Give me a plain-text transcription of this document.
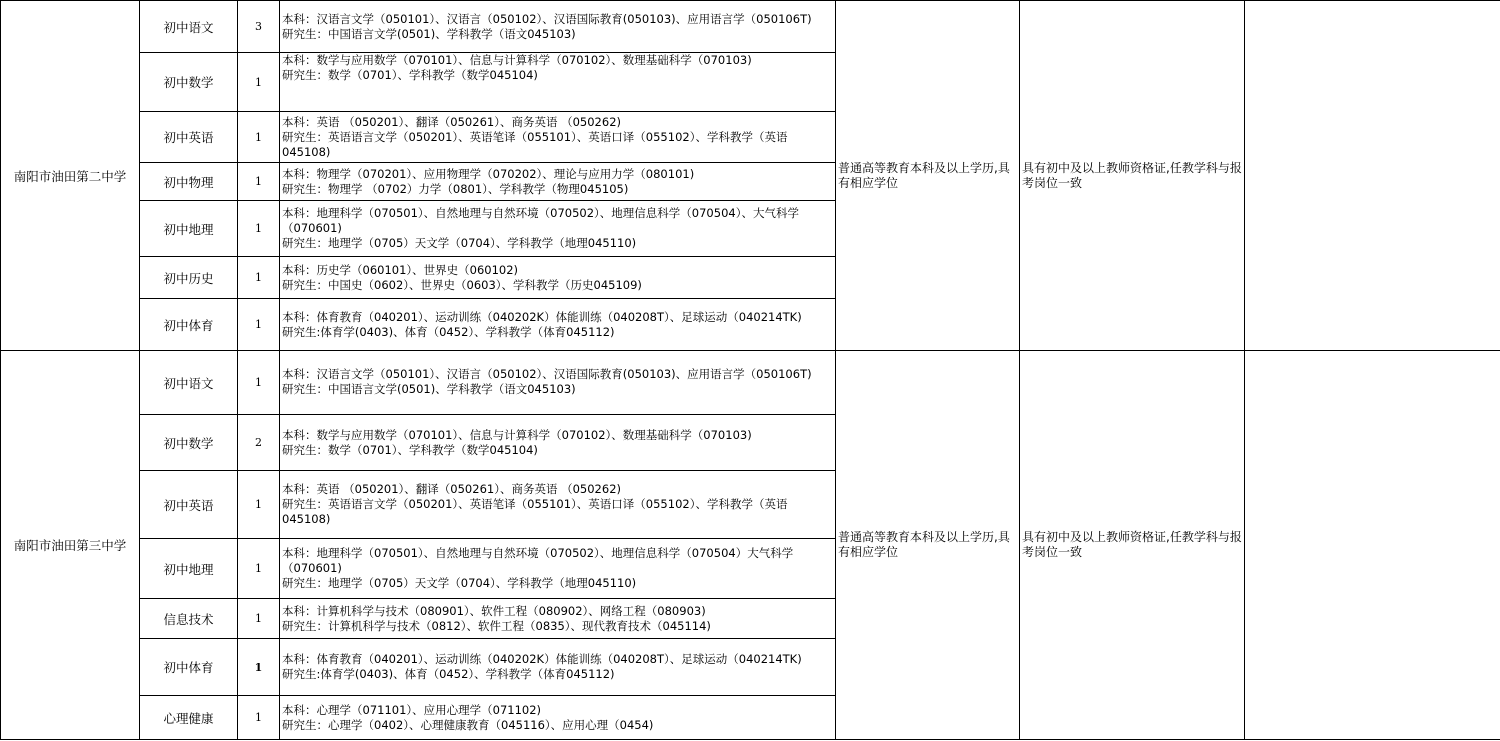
南阳市油田第二中学	初中语文	3	本科：汉语言文学（050101）、汉语言（050102）、汉语国际教育(050103)、应用语言学（050106T)
研究生：中国语言文学(0501)、学科教学（语文045103)	普通高等教育本科及以上学历,具有相应学位	具有初中及以上教师资格证,任教学科与报考岗位一致	
	初中数学	1	本科：数学与应用数学（070101）、信息与计算科学（070102）、数理基础科学（070103)
研究生：数学（0701）、学科教学（数学045104)			

	初中英语	1	本科：英语 （050201）、翻译（050261）、商务英语 （050262)
研究生：英语语言文学（050201）、英语笔译（055101）、英语口译（055102）、学科教学（英语045108)			

	初中物理	1	本科：物理学（070201）、应用物理学（070202）、理论与应用力学（080101)
研究生：物理学 （0702）力学（0801）、学科教学（物理045105)			

	初中地理	1	本科：地理科学（070501）、自然地理与自然环境（070502）、地理信息科学（070504）、大气科学（070601)
研究生：地理学（0705）天文学（0704）、学科教学（地理045110)			

	初中历史	1	本科：历史学（060101）、世界史（060102)
研究生：中国史（0602）、世界史（0603）、学科教学（历史045109)			

	初中体育	1	本科：体育教育（040201）、运动训练（040202K）体能训练（040208T）、足球运动（040214TK)
研究生:体育学(0403)、体育（0452）、学科教学（体育045112)			

南阳市油田第三中学	初中语文	1	本科：汉语言文学（050101）、汉语言（050102）、汉语国际教育(050103)、应用语言学（050106T)
研究生：中国语言文学(0501)、学科教学（语文045103)	普通高等教育本科及以上学历,具有相应学位	具有初中及以上教师资格证,任教学科与报考岗位一致	
	初中数学	2	本科：数学与应用数学（070101）、信息与计算科学（070102）、数理基础科学（070103)
研究生：数学（0701）、学科教学（数学045104)			

	初中英语	1	本科：英语 （050201）、翻译（050261）、商务英语 （050262)
研究生：英语语言文学（050201）、英语笔译（055101）、英语口译（055102）、学科教学（英语045108)			

	初中地理	1	本科：地理科学（070501）、自然地理与自然环境（070502）、地理信息科学（070504）大气科学（070601)
研究生：地理学（0705）天文学（0704）、学科教学（地理045110)			

	信息技术	1	本科：计算机科学与技术（080901）、软件工程（080902）、网络工程（080903)
研究生：计算机科学与技术（0812）、软件工程（0835）、现代教育技术（045114)			

	初中体育	1	本科：体育教育（040201）、运动训练（040202K）体能训练（040208T）、足球运动（040214TK)
研究生:体育学(0403)、体育（0452）、学科教学（体育045112)			

	心理健康	1	本科：心理学（071101）、应用心理学（071102)
研究生：心理学（0402）、心理健康教育（045116）、应用心理（0454)			
